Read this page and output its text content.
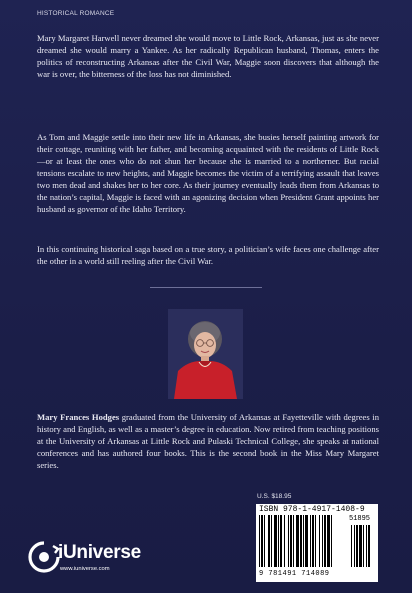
HISTORICAL ROMANCE

Mary Margaret Harwell never dreamed she would move to Little Rock, Arkansas, just as she never dreamed she would marry a Yankee. As her radically Republican husband, Thomas, enters the politics of reconstructing Arkansas after the Civil War, Maggie soon discovers that although the war is over, the bitterness of the loss has not diminished.

As Tom and Maggie settle into their new life in Arkansas, she busies herself painting artwork for their cottage, reuniting with her father, and becoming acquainted with the residents of Little Rock—or at least the ones who do not shun her because she is married to a northerner. But racial tensions escalate to new heights, and Maggie becomes the victim of a terrifying assault that leaves two men dead and shakes her to her core. As their journey eventually leads them from Arkansas to the nation’s capital, Maggie is faced with an agonizing decision when President Grant appoints her husband as governor of the Idaho Territory.

In this continuing historical saga based on a true story, a politician’s wife faces one challenge after the other in a world still reeling after the Civil War.

Mary Frances Hodges graduated from the University of Arkansas at Fayetteville with degrees in history and English, as well as a master’s degree in education. Now retired from teaching positions at the University of Arkansas at Little Rock and Pulaski Technical College, she speaks at national conferences and has authored four books. This is the second book in the Miss Mary Margaret series.

U.S. $18.95
ISBN 978-1-4917-1408-9
51895
9 781491 714089
iUniverse
www.iuniverse.com
